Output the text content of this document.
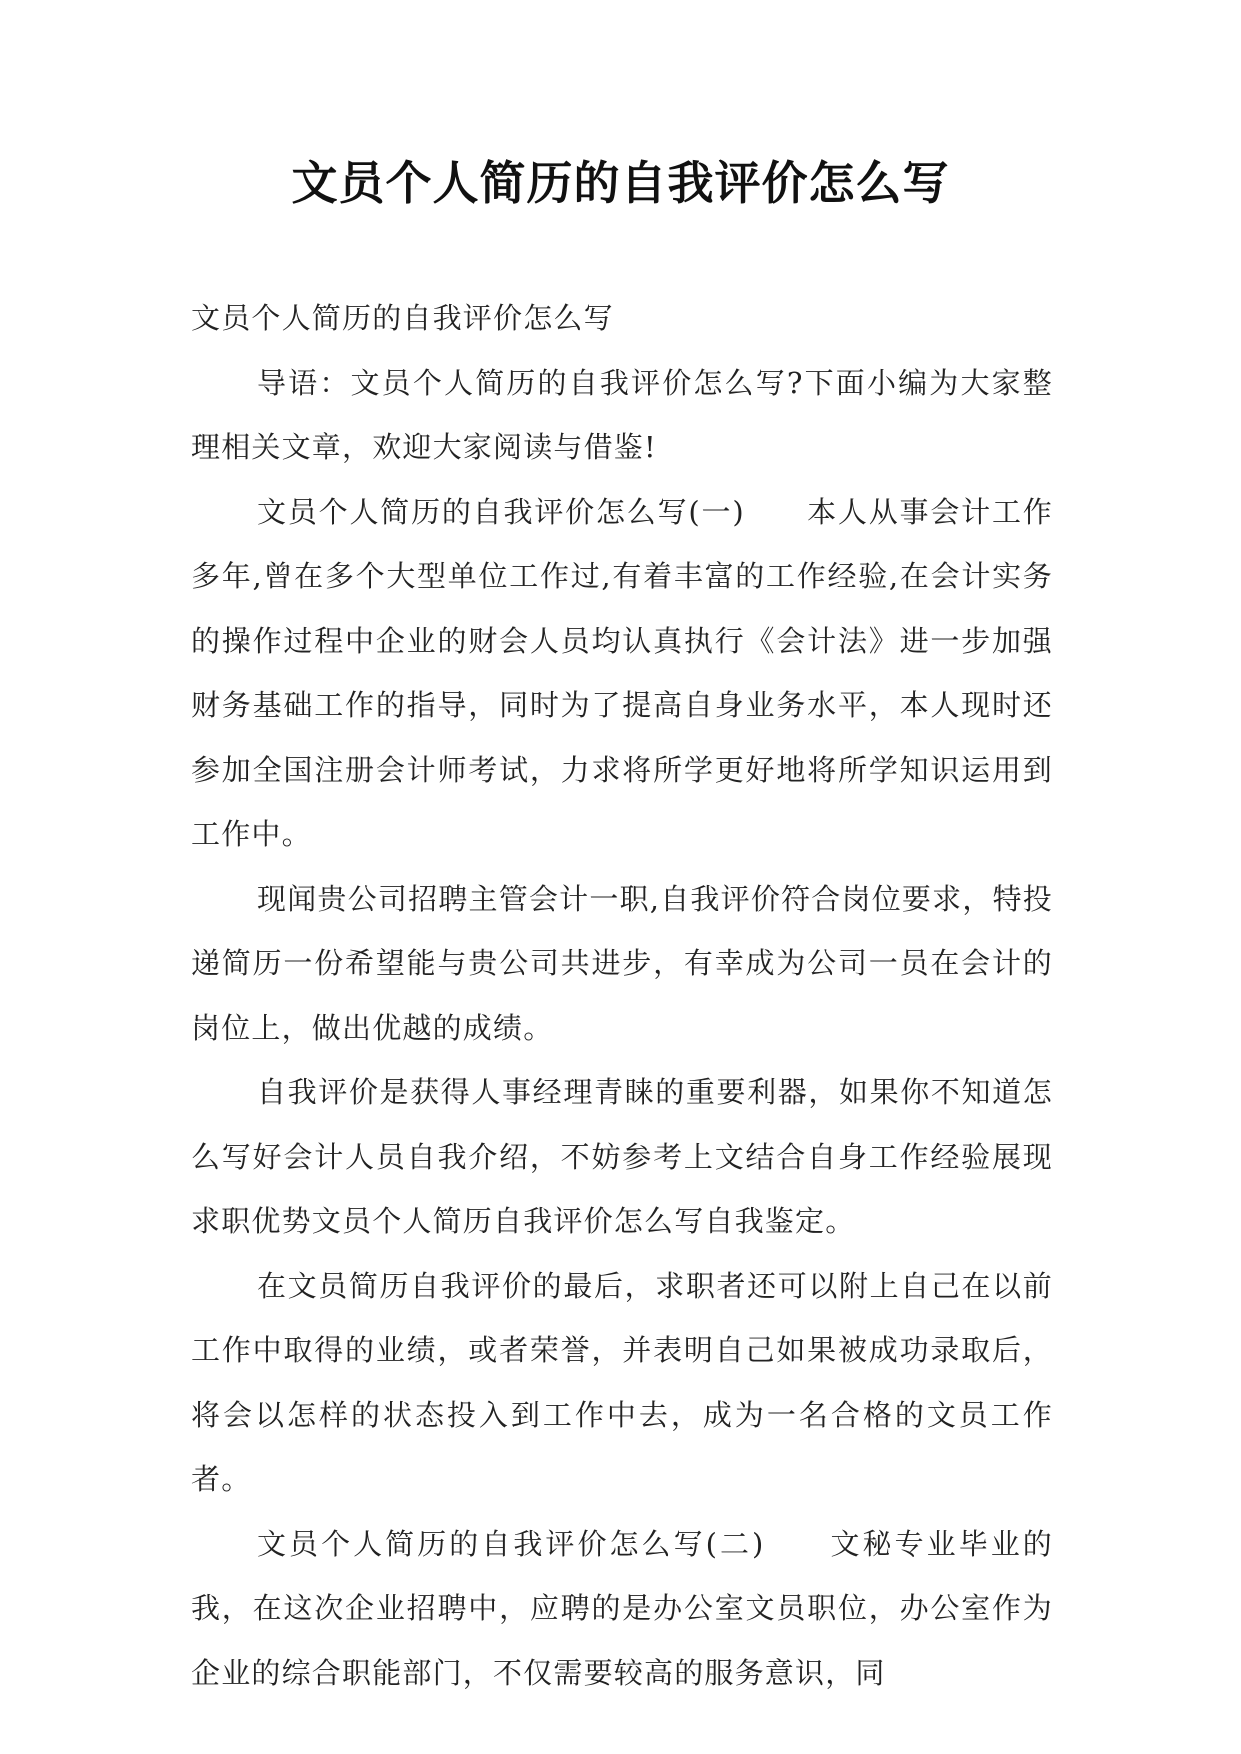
文员个人简历的自我评价怎么写

文员个人简历的自我评价怎么写

导语：文员个人简历的自我评价怎么写?下面小编为大家整理相关文章，欢迎大家阅读与借鉴!

文员个人简历的自我评价怎么写(一)　　本人从事会计工作多年,曾在多个大型单位工作过,有着丰富的工作经验,在会计实务的操作过程中企业的财会人员均认真执行《会计法》进一步加强财务基础工作的指导，同时为了提高自身业务水平，本人现时还参加全国注册会计师考试，力求将所学更好地将所学知识运用到工作中。

现闻贵公司招聘主管会计一职,自我评价符合岗位要求，特投递简历一份希望能与贵公司共进步，有幸成为公司一员在会计的岗位上，做出优越的成绩。

自我评价是获得人事经理青睐的重要利器，如果你不知道怎么写好会计人员自我介绍，不妨参考上文结合自身工作经验展现求职优势文员个人简历自我评价怎么写自我鉴定。

在文员简历自我评价的最后，求职者还可以附上自己在以前工作中取得的业绩，或者荣誉，并表明自己如果被成功录取后，将会以怎样的状态投入到工作中去，成为一名合格的文员工作者。

文员个人简历的自我评价怎么写(二)　　文秘专业毕业的我，在这次企业招聘中，应聘的是办公室文员职位，办公室作为企业的综合职能部门，不仅需要较高的服务意识，同
